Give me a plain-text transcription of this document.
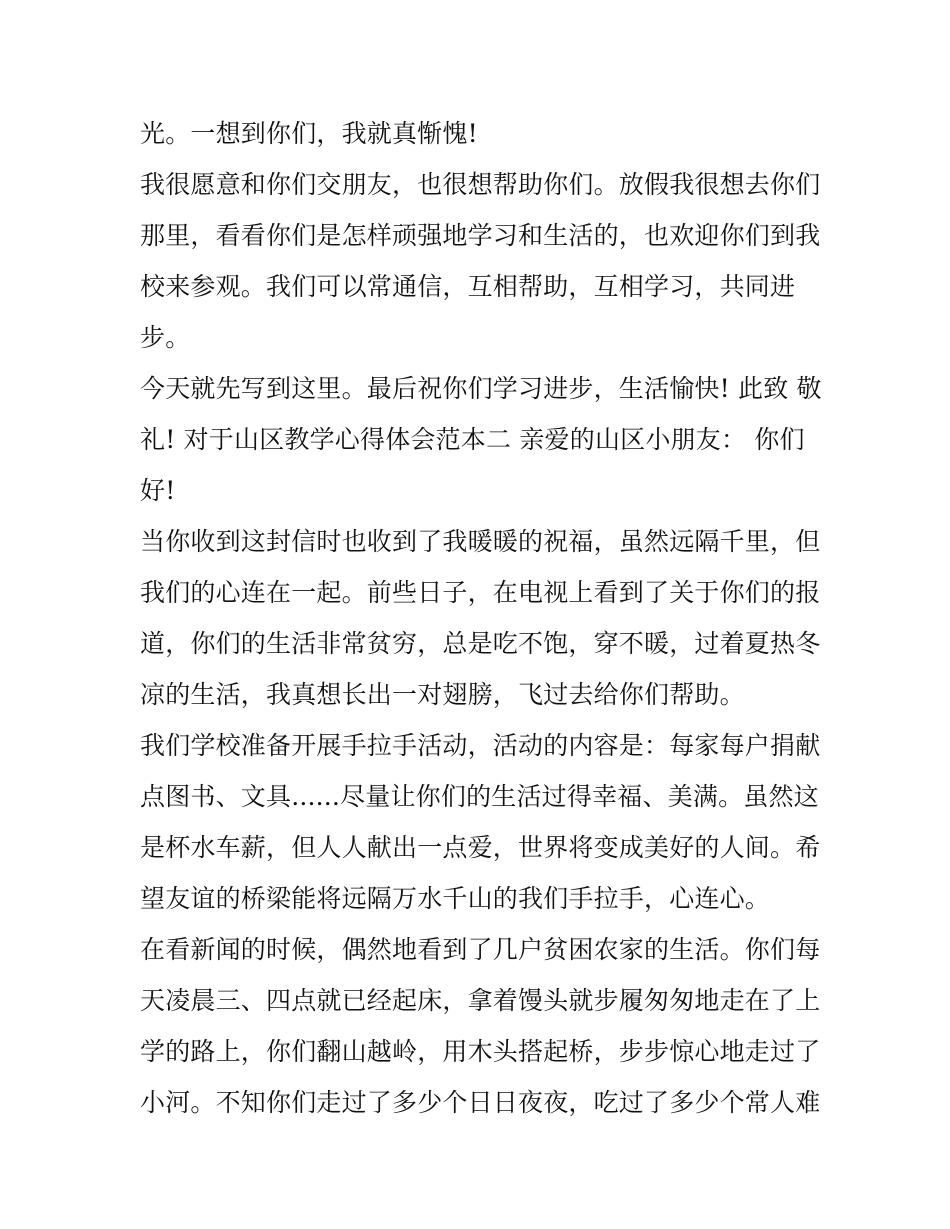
光。一想到你们，我就真惭愧!
我很愿意和你们交朋友，也很想帮助你们。放假我很想去你们
那里，看看你们是怎样顽强地学习和生活的，也欢迎你们到我
校来参观。我们可以常通信，互相帮助，互相学习，共同进
步。
今天就先写到这里。最后祝你们学习进步，生活愉快! 此致 敬
礼! 对于山区教学心得体会范本二 亲爱的山区小朋友： 你们
好!
当你收到这封信时也收到了我暖暖的祝福，虽然远隔千里，但
我们的心连在一起。前些日子，在电视上看到了关于你们的报
道，你们的生活非常贫穷，总是吃不饱，穿不暖，过着夏热冬
凉的生活，我真想长出一对翅膀，飞过去给你们帮助。
我们学校准备开展手拉手活动，活动的内容是：每家每户捐献
点图书、文具......尽量让你们的生活过得幸福、美满。虽然这
是杯水车薪，但人人献出一点爱，世界将变成美好的人间。希
望友谊的桥梁能将远隔万水千山的我们手拉手，心连心。
在看新闻的时候，偶然地看到了几户贫困农家的生活。你们每
天凌晨三、四点就已经起床，拿着馒头就步履匆匆地走在了上
学的路上，你们翻山越岭，用木头搭起桥，步步惊心地走过了
小河。不知你们走过了多少个日日夜夜，吃过了多少个常人难
